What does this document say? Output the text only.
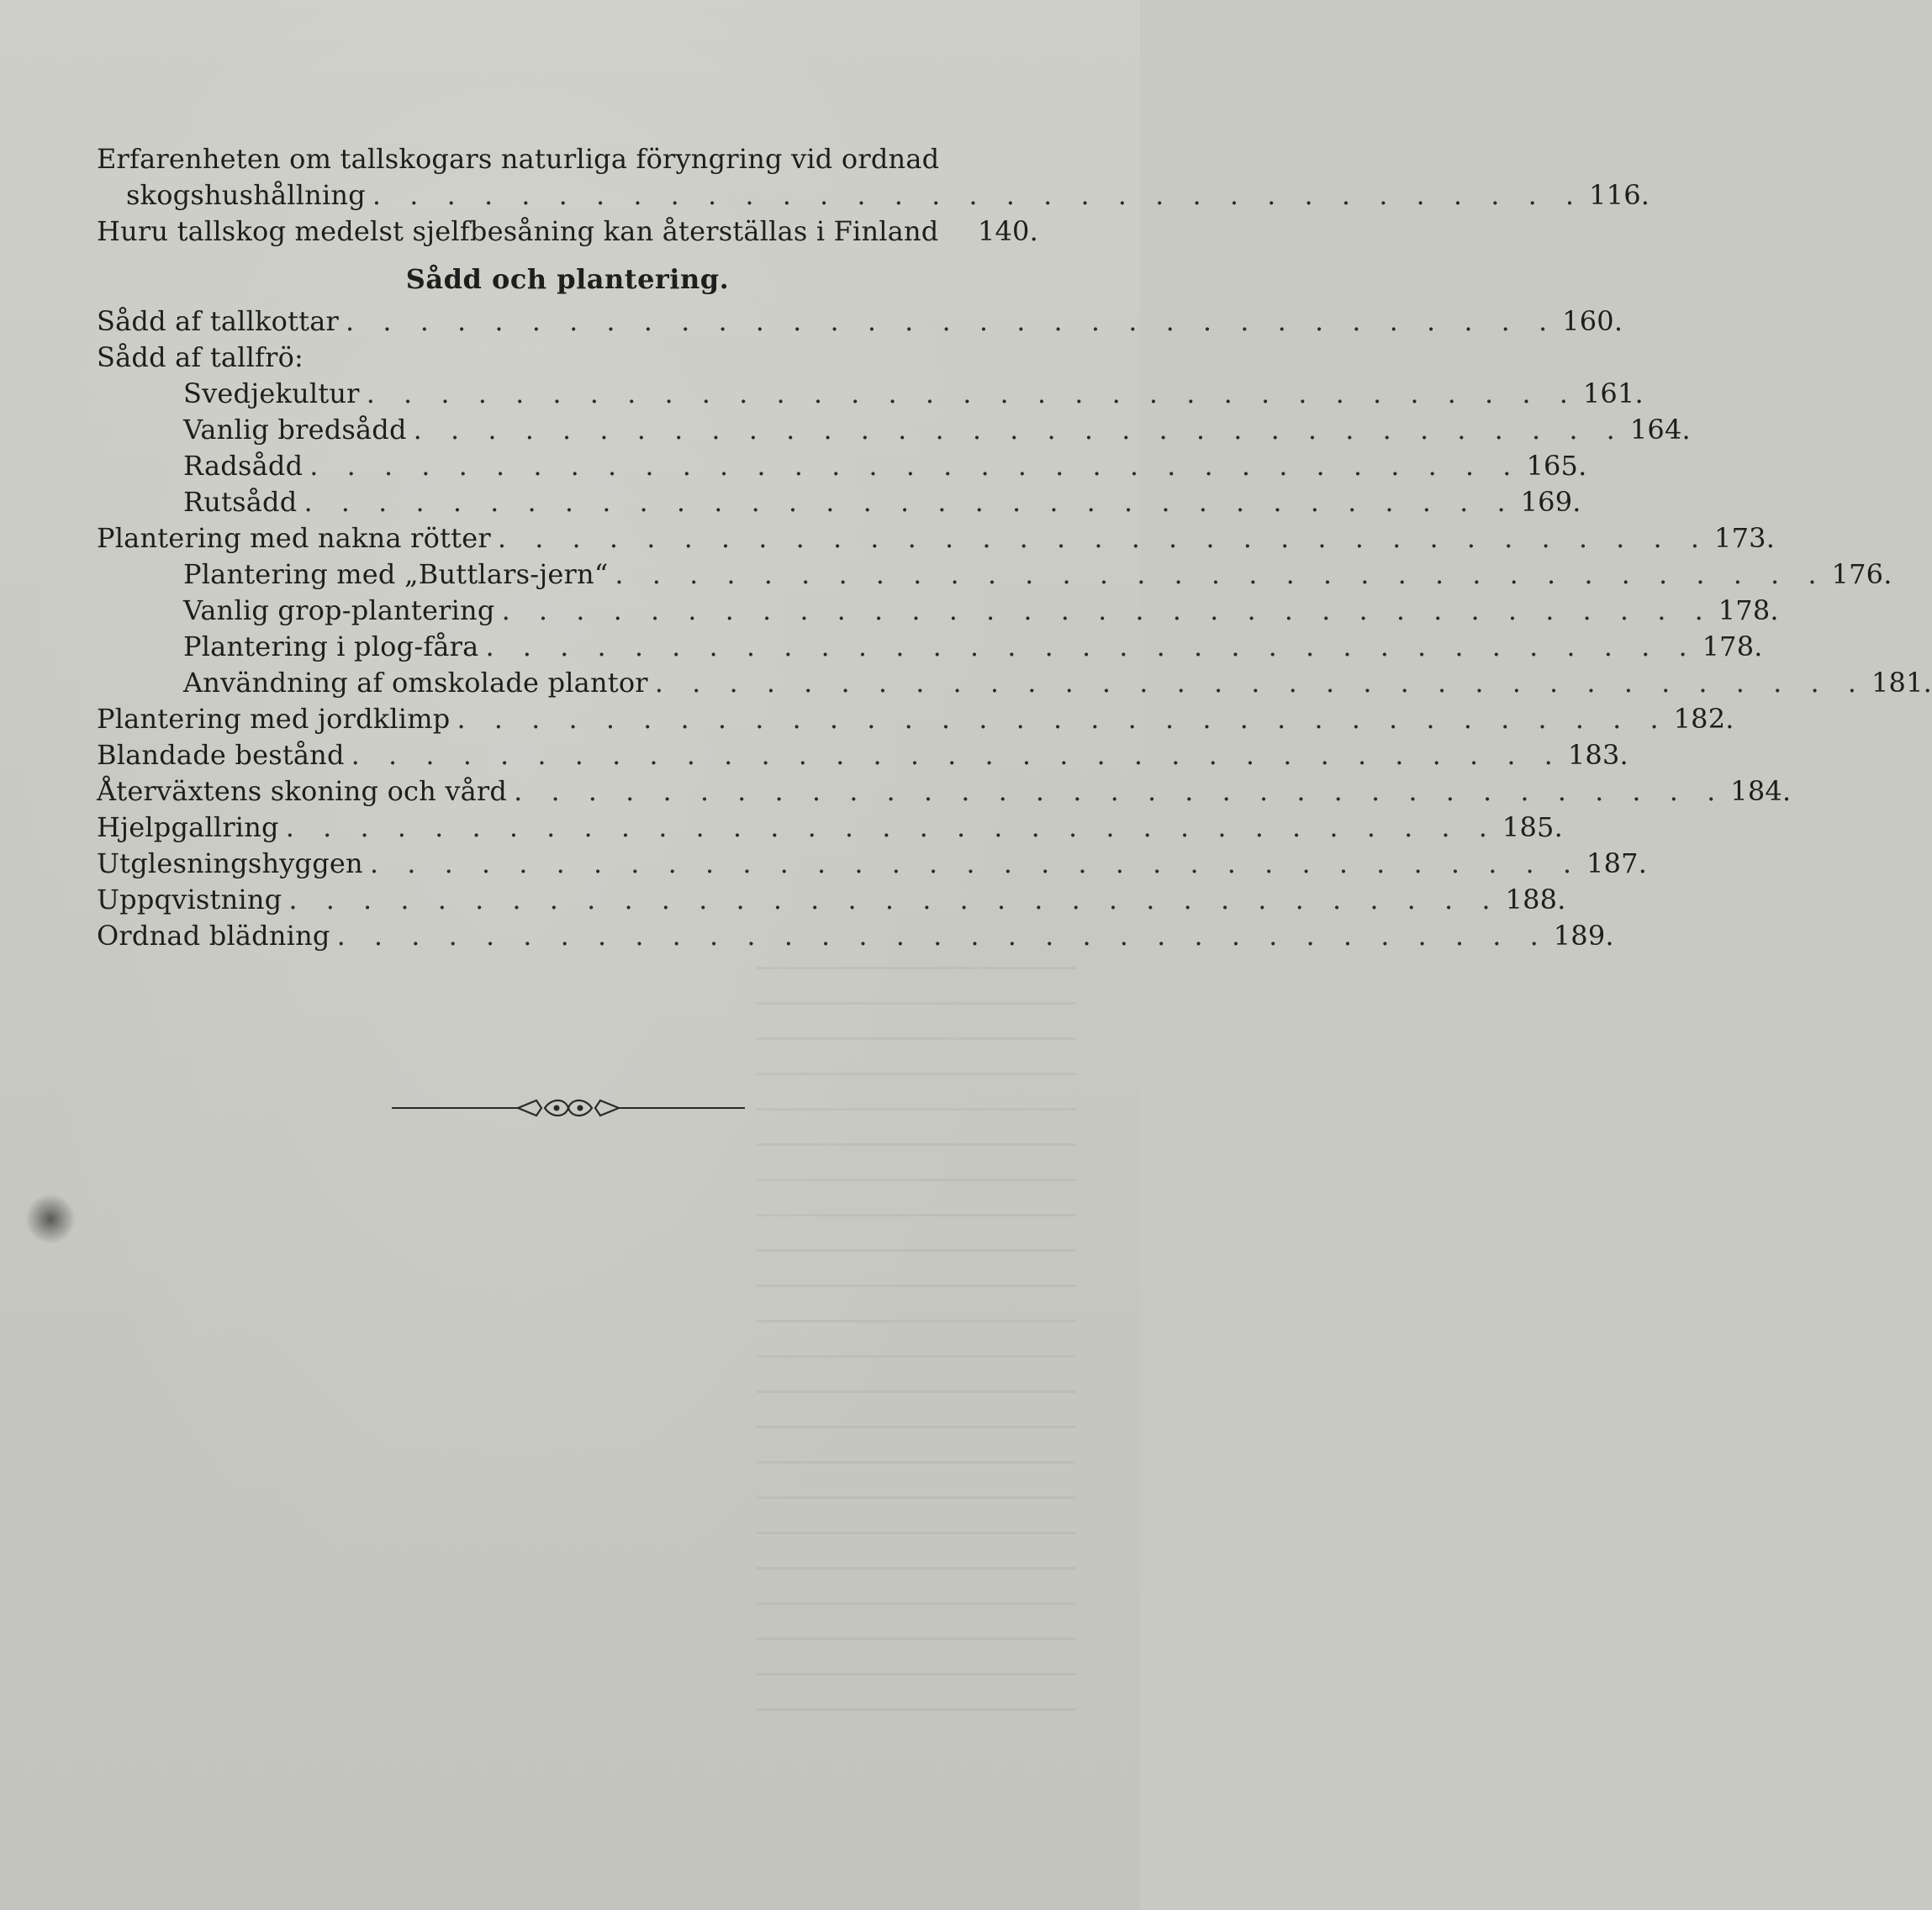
Erfarenheten om tallskogars naturliga föryngring vid ordnad
skogshushållning . . . . . . . . . . . . . . . . . . . . . . . . . . . . . . . . . 116.
Huru tallskog medelst sjelfbesåning kan återställas i Finland 140.
Sådd och plantering.
Sådd af tallkottar . . . . . . . . . . . . . . . . . . . . . . . . . . . . . . . . . 160.
Sådd af tallfrö:
Svedjekultur . . . . . . . . . . . . . . . . . . . . . . . . . . . . . . . . . 161.
Vanlig bredsådd . . . . . . . . . . . . . . . . . . . . . . . . . . . . . . . . . 164.
Radsådd . . . . . . . . . . . . . . . . . . . . . . . . . . . . . . . . . 165.
Rutsådd . . . . . . . . . . . . . . . . . . . . . . . . . . . . . . . . . 169.
Plantering med nakna rötter . . . . . . . . . . . . . . . . . . . . . . . . . . . . . . . . . 173.
Plantering med „Buttlars-jern“ . . . . . . . . . . . . . . . . . . . . . . . . . . . . . . . . . 176.
Vanlig grop-plantering . . . . . . . . . . . . . . . . . . . . . . . . . . . . . . . . . 178.
Plantering i plog-fåra . . . . . . . . . . . . . . . . . . . . . . . . . . . . . . . . . 178.
Användning af omskolade plantor . . . . . . . . . . . . . . . . . . . . . . . . . . . . . . . . . 181.
Plantering med jordklimp . . . . . . . . . . . . . . . . . . . . . . . . . . . . . . . . . 182.
Blandade bestånd . . . . . . . . . . . . . . . . . . . . . . . . . . . . . . . . . 183.
Återväxtens skoning och vård . . . . . . . . . . . . . . . . . . . . . . . . . . . . . . . . . 184.
Hjelpgallring . . . . . . . . . . . . . . . . . . . . . . . . . . . . . . . . . 185.
Utglesningshyggen . . . . . . . . . . . . . . . . . . . . . . . . . . . . . . . . . 187.
Uppqvistning . . . . . . . . . . . . . . . . . . . . . . . . . . . . . . . . . 188.
Ordnad blädning . . . . . . . . . . . . . . . . . . . . . . . . . . . . . . . . . 189.
